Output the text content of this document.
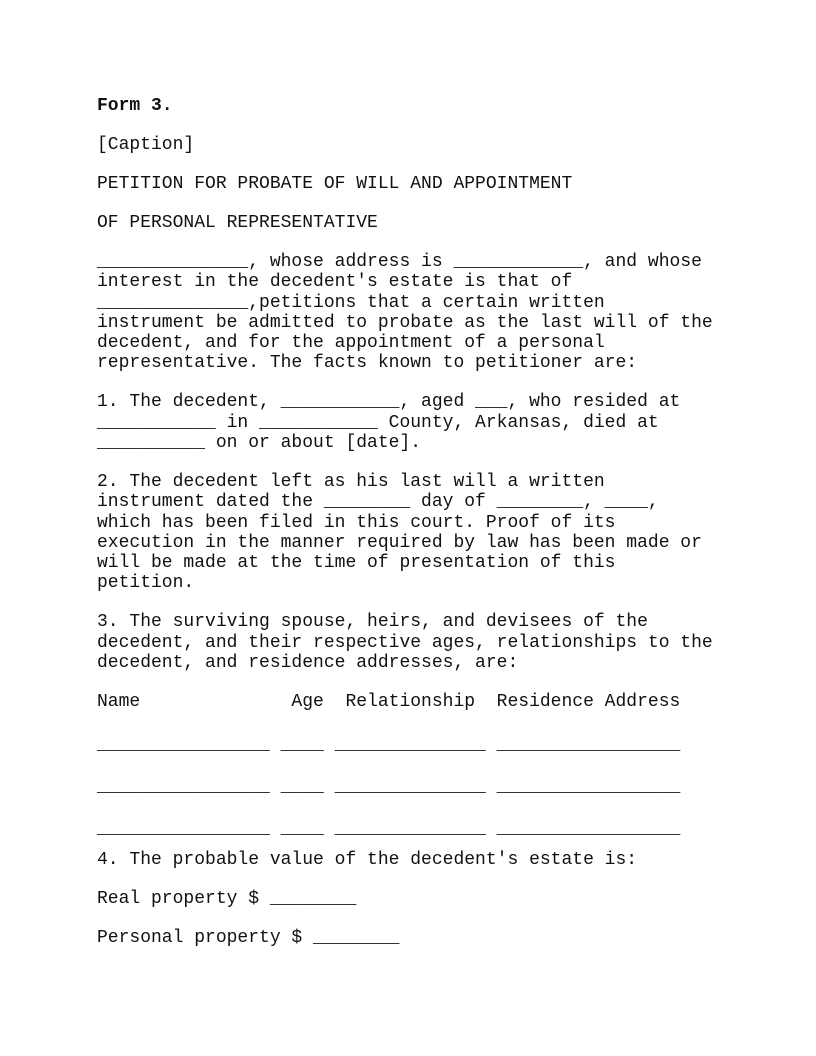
Form 3.
[Caption]
PETITION FOR PROBATE OF WILL AND APPOINTMENT
OF PERSONAL REPRESENTATIVE
______________, whose address is ____________, and whose
interest in the decedent's estate is that of
______________,petitions that a certain written
instrument be admitted to probate as the last will of the
decedent, and for the appointment of a personal
representative. The facts known to petitioner are:
1. The decedent, ___________, aged ___, who resided at
___________ in ___________ County, Arkansas, died at
__________ on or about [date].
2. The decedent left as his last will a written
instrument dated the ________ day of ________, ____,
which has been filed in this court. Proof of its
execution in the manner required by law has been made or
will be made at the time of presentation of this
petition.
3. The surviving spouse, heirs, and devisees of the
decedent, and their respective ages, relationships to the
decedent, and residence addresses, are:
Name              Age  Relationship  Residence Address
________________ ____ ______________ _________________
________________ ____ ______________ _________________
________________ ____ ______________ _________________
4. The probable value of the decedent's estate is:
Real property $ ________
Personal property $ ________
